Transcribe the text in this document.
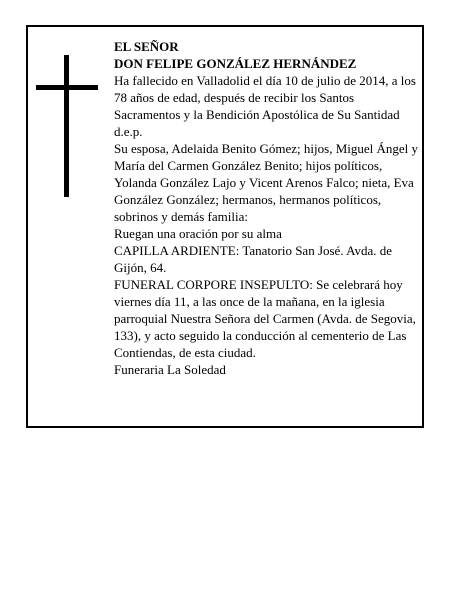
EL SEÑOR

DON FELIPE GONZÁLEZ HERNÁNDEZ

Ha fallecido en Valladolid el día 10 de julio de 2014, a los 78 años de edad, después de recibir los Santos Sacramentos y la Bendición Apostólica de Su Santidad d.e.p.

Su esposa, Adelaida Benito Gómez; hijos, Miguel Ángel y María del Carmen González Benito; hijos políticos, Yolanda González Lajo y Vicent Arenos Falco; nieta, Eva González González; hermanos, hermanos políticos, sobrinos y demás familia:

Ruegan una oración por su alma

CAPILLA ARDIENTE: Tanatorio San José. Avda. de Gijón, 64.

FUNERAL CORPORE INSEPULTO: Se celebrará hoy viernes día 11, a las once de la mañana, en la iglesia parroquial Nuestra Señora del Carmen (Avda. de Segovia, 133), y acto seguido la conducción al cementerio de Las Contiendas, de esta ciudad.

Funeraria La Soledad
